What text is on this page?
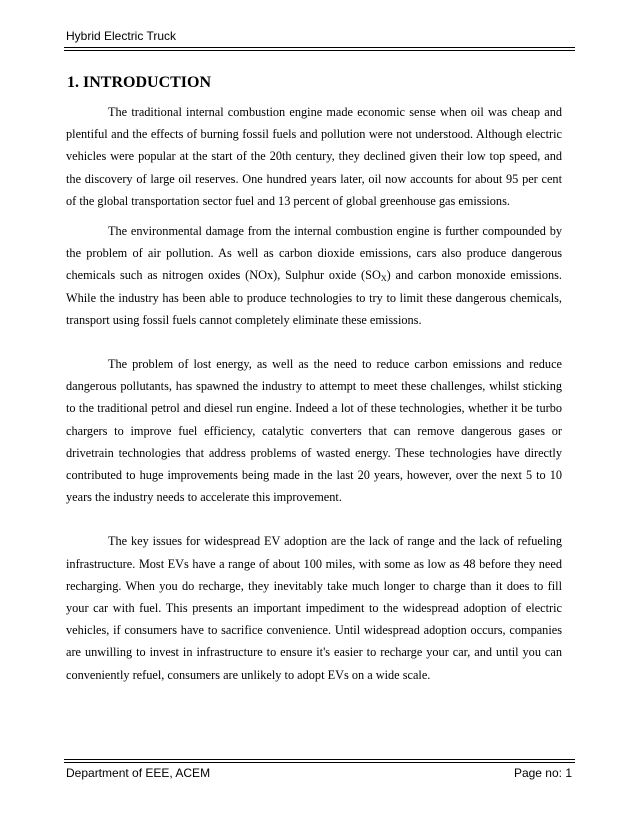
Hybrid Electric Truck
1. INTRODUCTION

The traditional internal combustion engine made economic sense when oil was cheap and plentiful and the effects of burning fossil fuels and pollution were not understood. Although electric vehicles were popular at the start of the 20th century, they declined given their low top speed, and the discovery of large oil reserves. One hundred years later, oil now accounts for about 95 per cent of the global transportation sector fuel and 13 percent of global greenhouse gas emissions.

The environmental damage from the internal combustion engine is further compounded by the problem of air pollution. As well as carbon dioxide emissions, cars also produce dangerous chemicals such as nitrogen oxides (NOx), Sulphur oxide $(SO_X)$ and carbon monoxide emissions. While the industry has been able to produce technologies to try to limit these dangerous chemicals, transport using fossil fuels cannot completely eliminate these emissions.

The problem of lost energy, as well as the need to reduce carbon emissions and reduce dangerous pollutants, has spawned the industry to attempt to meet these challenges, whilst sticking to the traditional petrol and diesel run engine. Indeed a lot of these technologies, whether it be turbo chargers to improve fuel efficiency, catalytic converters that can remove dangerous gases or drivetrain technologies that address problems of wasted energy. These technologies have directly contributed to huge improvements being made in the last 20 years, however, over the next 5 to 10 years the industry needs to accelerate this improvement.

The key issues for widespread EV adoption are the lack of range and the lack of refueling infrastructure. Most EVs have a range of about 100 miles, with some as low as 48 before they need recharging. When you do recharge, they inevitably take much longer to charge than it does to fill your car with fuel. This presents an important impediment to the widespread adoption of electric vehicles, if consumers have to sacrifice convenience. Until widespread adoption occurs, companies are unwilling to invest in infrastructure to ensure it's easier to recharge your car, and until you can conveniently refuel, consumers are unlikely to adopt EVs on a wide scale.

Department of EEE, ACEM	Page no: 1
